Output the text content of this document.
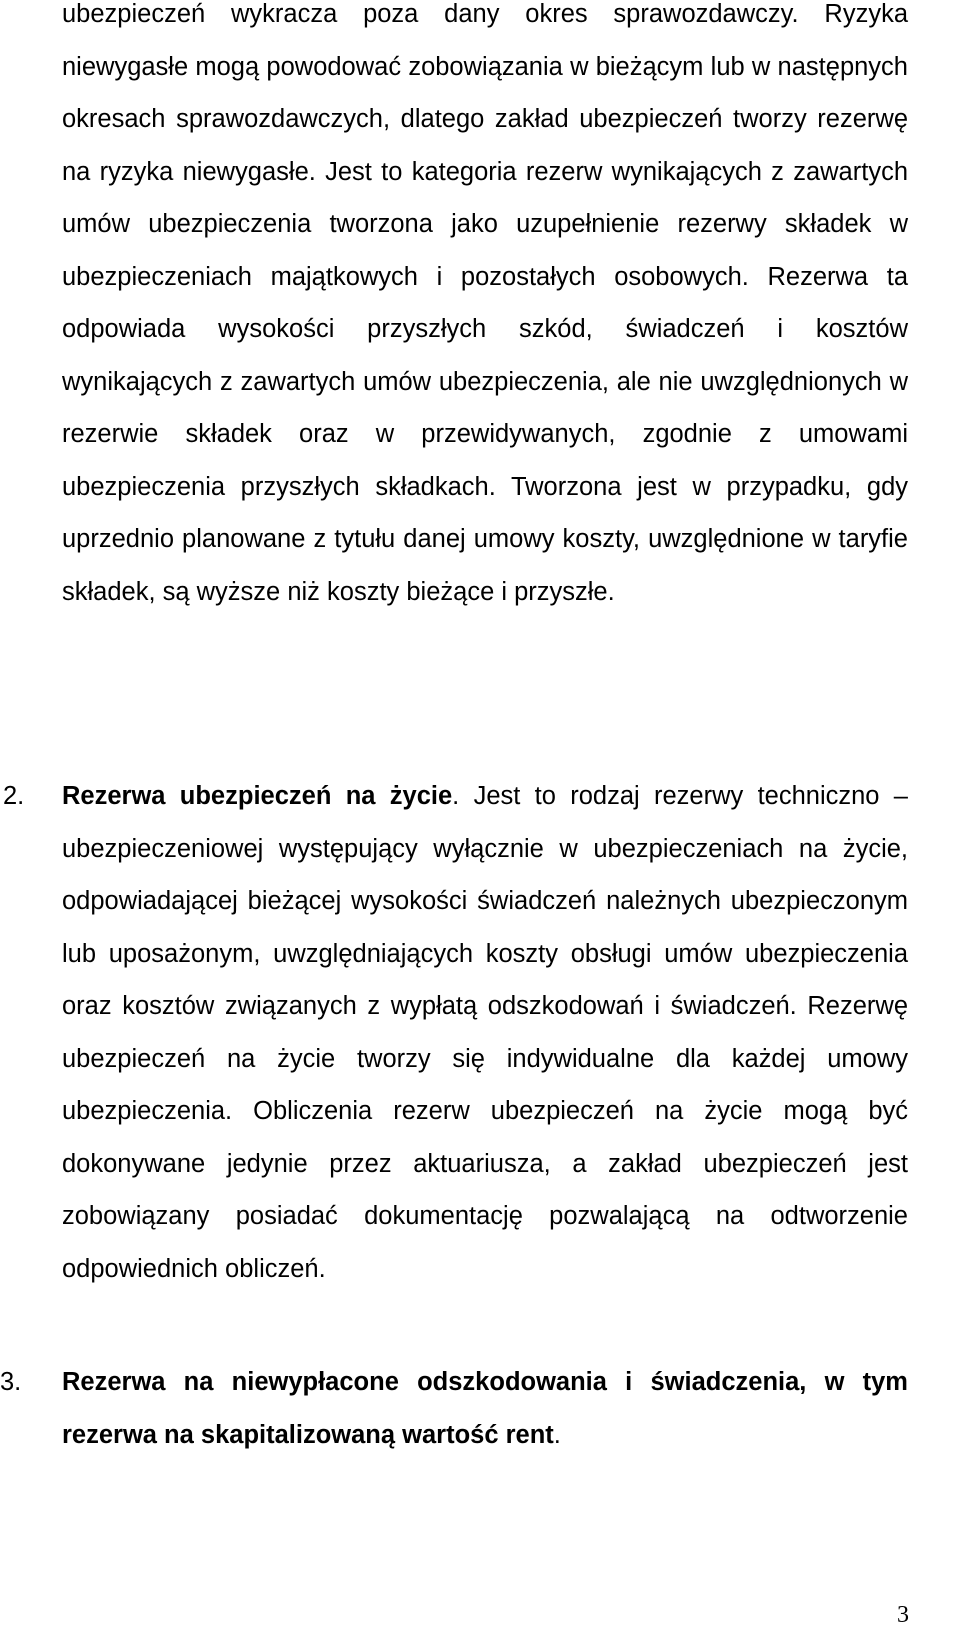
ubezpieczeń wykracza poza dany okres sprawozdawczy. Ryzyka niewygasłe mogą powodować zobowiązania w bieżącym lub w następnych okresach sprawozdawczych, dlatego zakład ubezpieczeń tworzy rezerwę na ryzyka niewygasłe. Jest to kategoria rezerw wynikających z zawartych umów ubezpieczenia tworzona jako uzupełnienie rezerwy składek w ubezpieczeniach majątkowych i pozostałych osobowych. Rezerwa ta odpowiada wysokości przyszłych szkód, świadczeń i kosztów wynikających z zawartych umów ubezpieczenia, ale nie uwzględnionych w rezerwie składek oraz w przewidywanych, zgodnie z umowami ubezpieczenia przyszłych składkach. Tworzona jest w przypadku, gdy uprzednio planowane z tytułu danej umowy koszty, uwzględnione w taryfie składek, są wyższe niż koszty bieżące i przyszłe.

2. Rezerwa ubezpieczeń na życie. Jest to rodzaj rezerwy techniczno – ubezpieczeniowej występujący wyłącznie w ubezpieczeniach na życie, odpowiadającej bieżącej wysokości świadczeń należnych ubezpieczonym lub uposażonym, uwzględniających koszty obsługi umów ubezpieczenia oraz kosztów związanych z wypłatą odszkodowań i świadczeń. Rezerwę ubezpieczeń na życie tworzy się indywidualne dla każdej umowy ubezpieczenia. Obliczenia rezerw ubezpieczeń na życie mogą być dokonywane jedynie przez aktuariusza, a zakład ubezpieczeń jest zobowiązany posiadać dokumentację pozwalającą na odtworzenie odpowiednich obliczeń.

3. Rezerwa na niewypłacone odszkodowania i świadczenia, w tym rezerwa na skapitalizowaną wartość rent.

3
